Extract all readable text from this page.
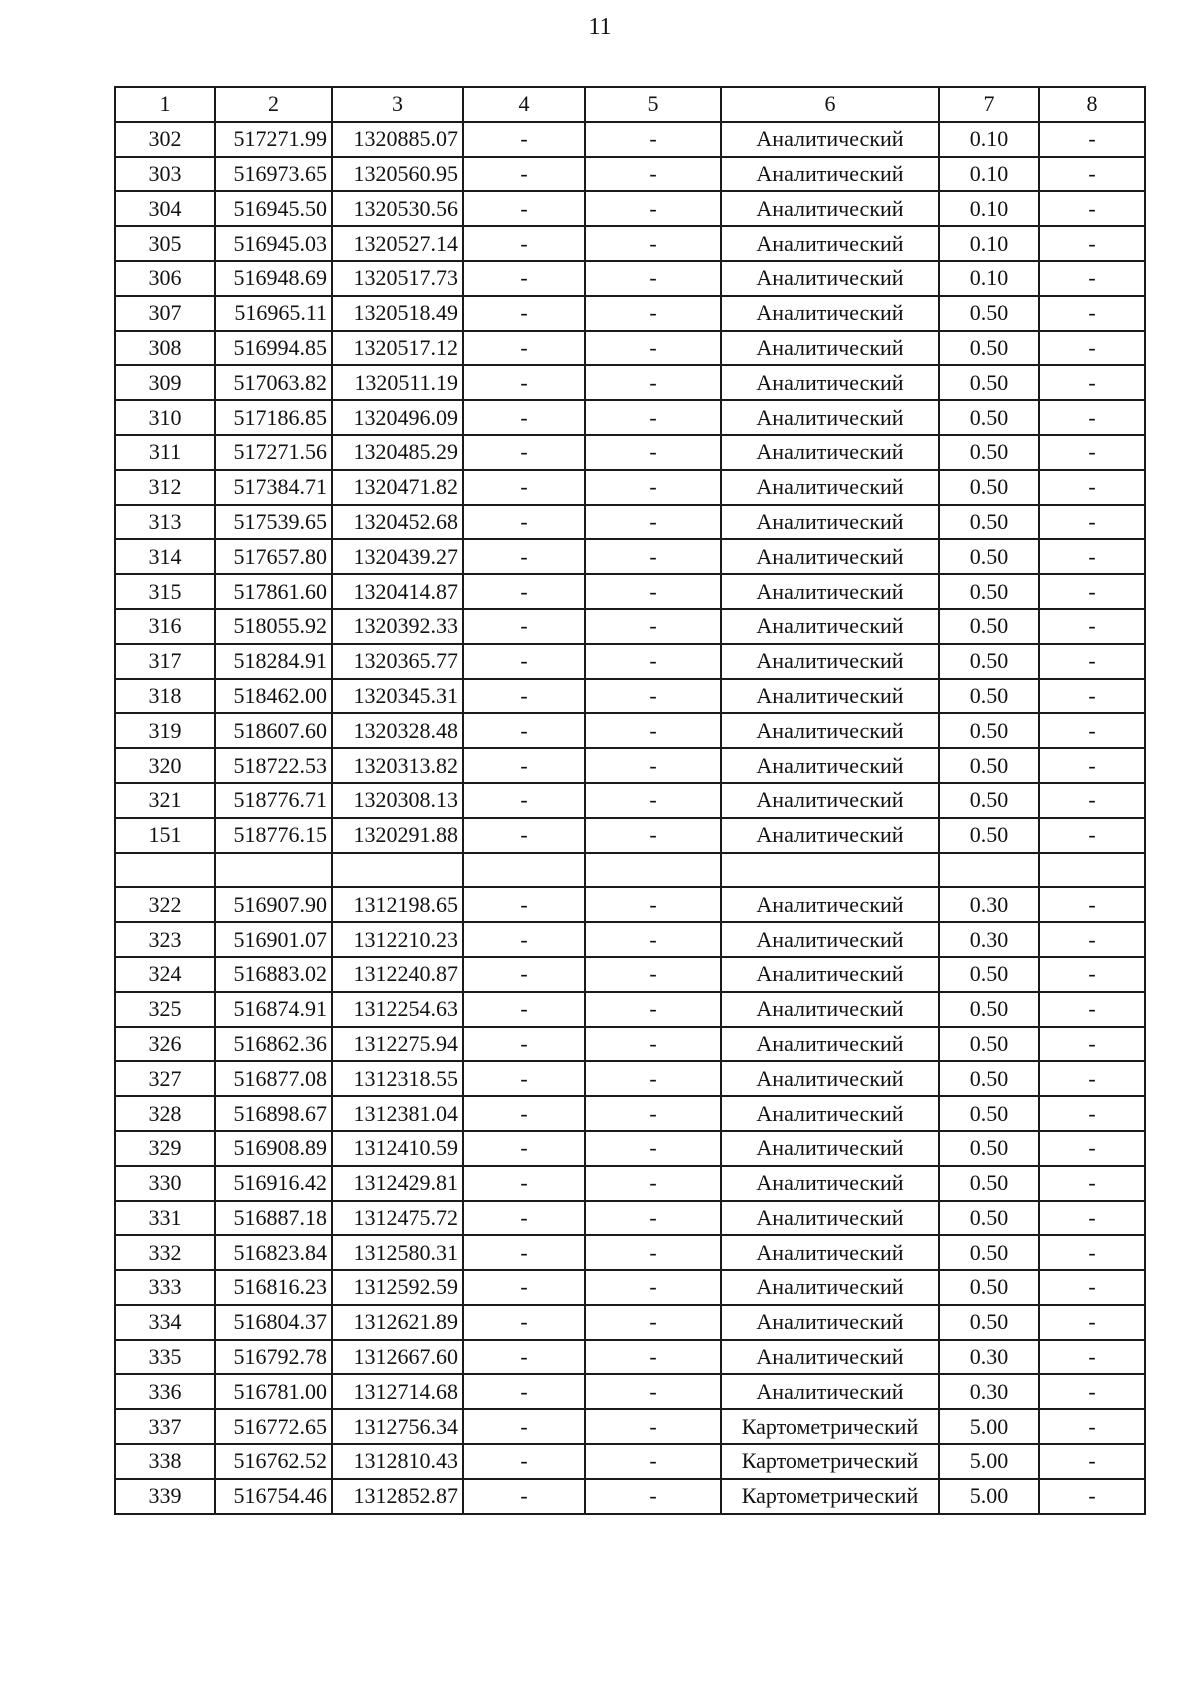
11
1	2	3	4	5	6	7	8
302	517271.99	1320885.07	-	-	Аналитический	0.10	-
303	516973.65	1320560.95	-	-	Аналитический	0.10	-
304	516945.50	1320530.56	-	-	Аналитический	0.10	-
305	516945.03	1320527.14	-	-	Аналитический	0.10	-
306	516948.69	1320517.73	-	-	Аналитический	0.10	-
307	516965.11	1320518.49	-	-	Аналитический	0.50	-
308	516994.85	1320517.12	-	-	Аналитический	0.50	-
309	517063.82	1320511.19	-	-	Аналитический	0.50	-
310	517186.85	1320496.09	-	-	Аналитический	0.50	-
311	517271.56	1320485.29	-	-	Аналитический	0.50	-
312	517384.71	1320471.82	-	-	Аналитический	0.50	-
313	517539.65	1320452.68	-	-	Аналитический	0.50	-
314	517657.80	1320439.27	-	-	Аналитический	0.50	-
315	517861.60	1320414.87	-	-	Аналитический	0.50	-
316	518055.92	1320392.33	-	-	Аналитический	0.50	-
317	518284.91	1320365.77	-	-	Аналитический	0.50	-
318	518462.00	1320345.31	-	-	Аналитический	0.50	-
319	518607.60	1320328.48	-	-	Аналитический	0.50	-
320	518722.53	1320313.82	-	-	Аналитический	0.50	-
321	518776.71	1320308.13	-	-	Аналитический	0.50	-
151	518776.15	1320291.88	-	-	Аналитический	0.50	-

322	516907.90	1312198.65	-	-	Аналитический	0.30	-
323	516901.07	1312210.23	-	-	Аналитический	0.30	-
324	516883.02	1312240.87	-	-	Аналитический	0.50	-
325	516874.91	1312254.63	-	-	Аналитический	0.50	-
326	516862.36	1312275.94	-	-	Аналитический	0.50	-
327	516877.08	1312318.55	-	-	Аналитический	0.50	-
328	516898.67	1312381.04	-	-	Аналитический	0.50	-
329	516908.89	1312410.59	-	-	Аналитический	0.50	-
330	516916.42	1312429.81	-	-	Аналитический	0.50	-
331	516887.18	1312475.72	-	-	Аналитический	0.50	-
332	516823.84	1312580.31	-	-	Аналитический	0.50	-
333	516816.23	1312592.59	-	-	Аналитический	0.50	-
334	516804.37	1312621.89	-	-	Аналитический	0.50	-
335	516792.78	1312667.60	-	-	Аналитический	0.30	-
336	516781.00	1312714.68	-	-	Аналитический	0.30	-
337	516772.65	1312756.34	-	-	Картометрический	5.00	-
338	516762.52	1312810.43	-	-	Картометрический	5.00	-
339	516754.46	1312852.87	-	-	Картометрический	5.00	-
